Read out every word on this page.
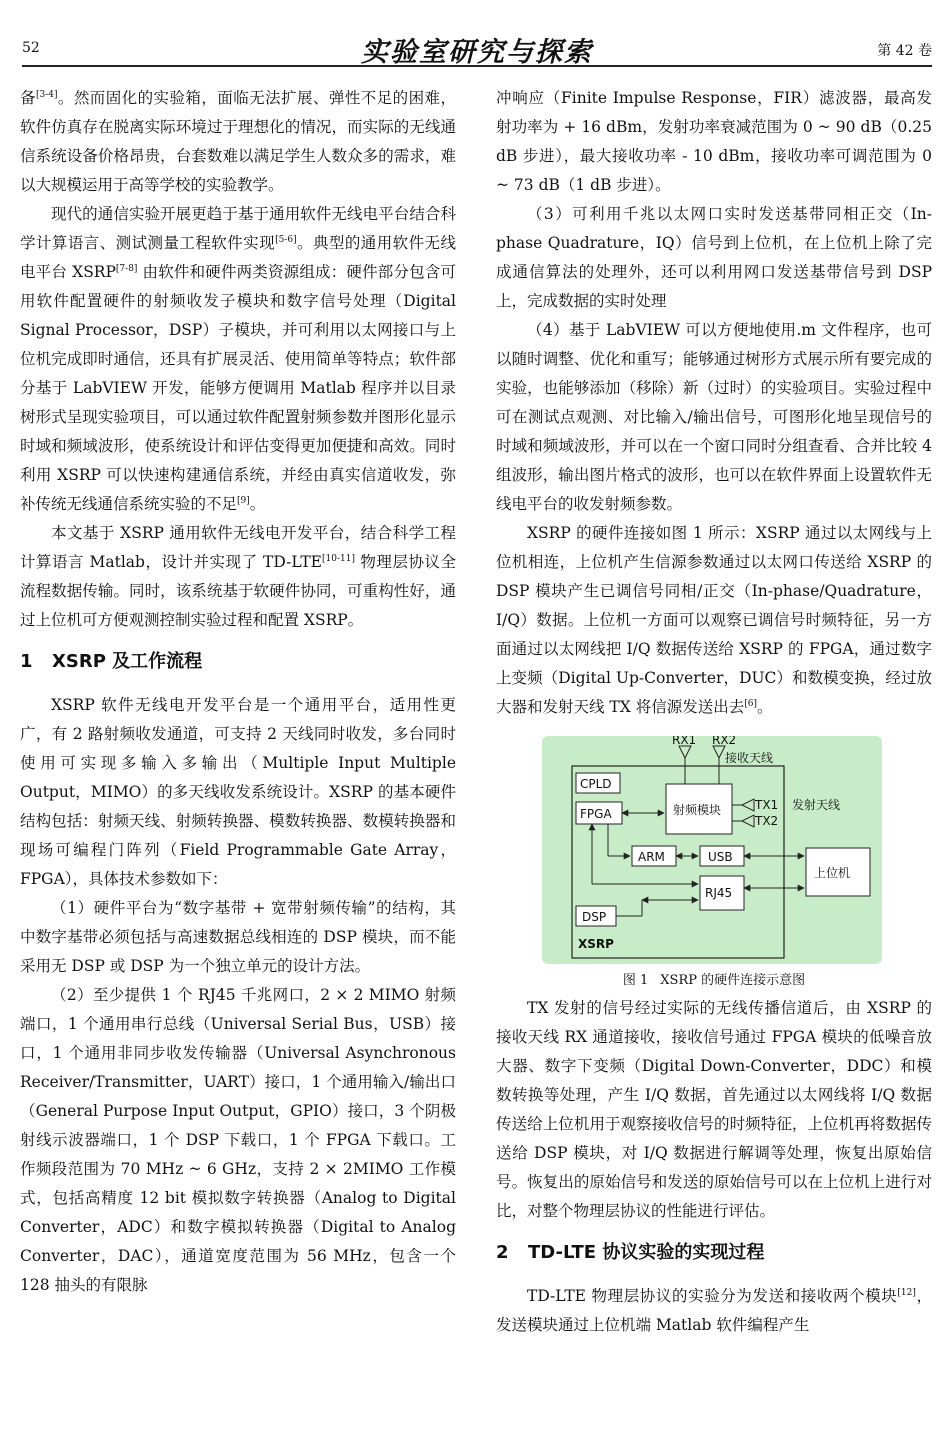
52	实验室研究与探索	第 42 卷

备[3-4]。然而固化的实验箱，面临无法扩展、弹性不足的困难，软件仿真存在脱离实际环境过于理想化的情况，而实际的无线通信系统设备价格昂贵，台套数难以满足学生人数众多的需求，难以大规模运用于高等学校的实验教学。

现代的通信实验开展更趋于基于通用软件无线电平台结合科学计算语言、测试测量工程软件实现[5-6]。典型的通用软件无线电平台 XSRP[7-8] 由软件和硬件两类资源组成：硬件部分包含可用软件配置硬件的射频收发子模块和数字信号处理（Digital Signal Processor，DSP）子模块，并可利用以太网接口与上位机完成即时通信，还具有扩展灵活、使用简单等特点；软件部分基于 LabVIEW 开发，能够方便调用 Matlab 程序并以目录树形式呈现实验项目，可以通过软件配置射频参数并图形化显示时域和频域波形，使系统设计和评估变得更加便捷和高效。同时利用 XSRP 可以快速构建通信系统，并经由真实信道收发，弥补传统无线通信系统实验的不足[9]。

本文基于 XSRP 通用软件无线电开发平台，结合科学工程计算语言 Matlab，设计并实现了 TD-LTE[10-11] 物理层协议全流程数据传输。同时，该系统基于软硬件协同，可重构性好，通过上位机可方便观测控制实验过程和配置 XSRP。

1 XSRP 及工作流程

XSRP 软件无线电开发平台是一个通用平台，适用性更广，有 2 路射频收发通道，可支持 2 天线同时收发，多台同时使用可实现多输入多输出（Multiple Input Multiple Output，MIMO）的多天线收发系统设计。XSRP 的基本硬件结构包括：射频天线、射频转换器、模数转换器、数模转换器和现场可编程门阵列（Field Programmable Gate Array，FPGA），具体技术参数如下：

（1）硬件平台为“数字基带 + 宽带射频传输”的结构，其中数字基带必须包括与高速数据总线相连的 DSP 模块，而不能采用无 DSP 或 DSP 为一个独立单元的设计方法。

（2）至少提供 1 个 RJ45 千兆网口，2 × 2 MIMO 射频端口，1 个通用串行总线（Universal Serial Bus，USB）接口，1 个通用非同步收发传输器（Universal Asynchronous Receiver/Transmitter，UART）接口，1 个通用输入/输出口（General Purpose Input Output，GPIO）接口，3 个阴极射线示波器端口，1 个 DSP 下载口，1 个 FPGA 下载口。工作频段范围为 70 MHz ~ 6 GHz，支持 2 × 2MIMO 工作模式，包括高精度 12 bit 模拟数字转换器（Analog to Digital Converter，ADC）和数字模拟转换器（Digital to Analog Converter，DAC），通道宽度范围为 56 MHz，包含一个 128 抽头的有限脉

冲响应（Finite Impulse Response，FIR）滤波器，最高发射功率为 + 16 dBm，发射功率衰减范围为 0 ~ 90 dB（0.25 dB 步进），最大接收功率 - 10 dBm，接收功率可调范围为 0 ~ 73 dB（1 dB 步进）。

（3）可利用千兆以太网口实时发送基带同相正交（In-phase Quadrature，IQ）信号到上位机，在上位机上除了完成通信算法的处理外，还可以利用网口发送基带信号到 DSP 上，完成数据的实时处理

（4）基于 LabVIEW 可以方便地使用.m 文件程序，也可以随时调整、优化和重写；能够通过树形方式展示所有要完成的实验，也能够添加（移除）新（过时）的实验项目。实验过程中可在测试点观测、对比输入/输出信号，可图形化地呈现信号的时域和频域波形，并可以在一个窗口同时分组查看、合并比较 4 组波形，输出图片格式的波形，也可以在软件界面上设置软件无线电平台的收发射频参数。

XSRP 的硬件连接如图 1 所示：XSRP 通过以太网线与上位机相连，上位机产生信源参数通过以太网口传送给 XSRP 的 DSP 模块产生已调信号同相/正交（In-phase/Quadrature，I/Q）数据。上位机一方面可以观察已调信号时频特征，另一方面通过以太网线把 I/Q 数据传送给 XSRP 的 FPGA，通过数字上变频（Digital Up-Converter，DUC）和数模变换，经过放大器和发射天线 TX 将信源发送出去[6]。

RX1 RX2
接收天线
CPLD
FPGA	射频模块	TX1
TX2
发射天线
ARM	USB
上位机
RJ45
DSP
XSRP
图 1 XSRP 的硬件连接示意图

TX 发射的信号经过实际的无线传播信道后，由 XSRP 的接收天线 RX 通道接收，接收信号通过 FPGA 模块的低噪音放大器、数字下变频（Digital Down-Converter，DDC）和模数转换等处理，产生 I/Q 数据，首先通过以太网线将 I/Q 数据传送给上位机用于观察接收信号的时频特征，上位机再将数据传送给 DSP 模块，对 I/Q 数据进行解调等处理，恢复出原始信号。恢复出的原始信号和发送的原始信号可以在上位机上进行对比，对整个物理层协议的性能进行评估。

2 TD-LTE 协议实验的实现过程

TD-LTE 物理层协议的实验分为发送和接收两个模块[12]，发送模块通过上位机端 Matlab 软件编程产生
